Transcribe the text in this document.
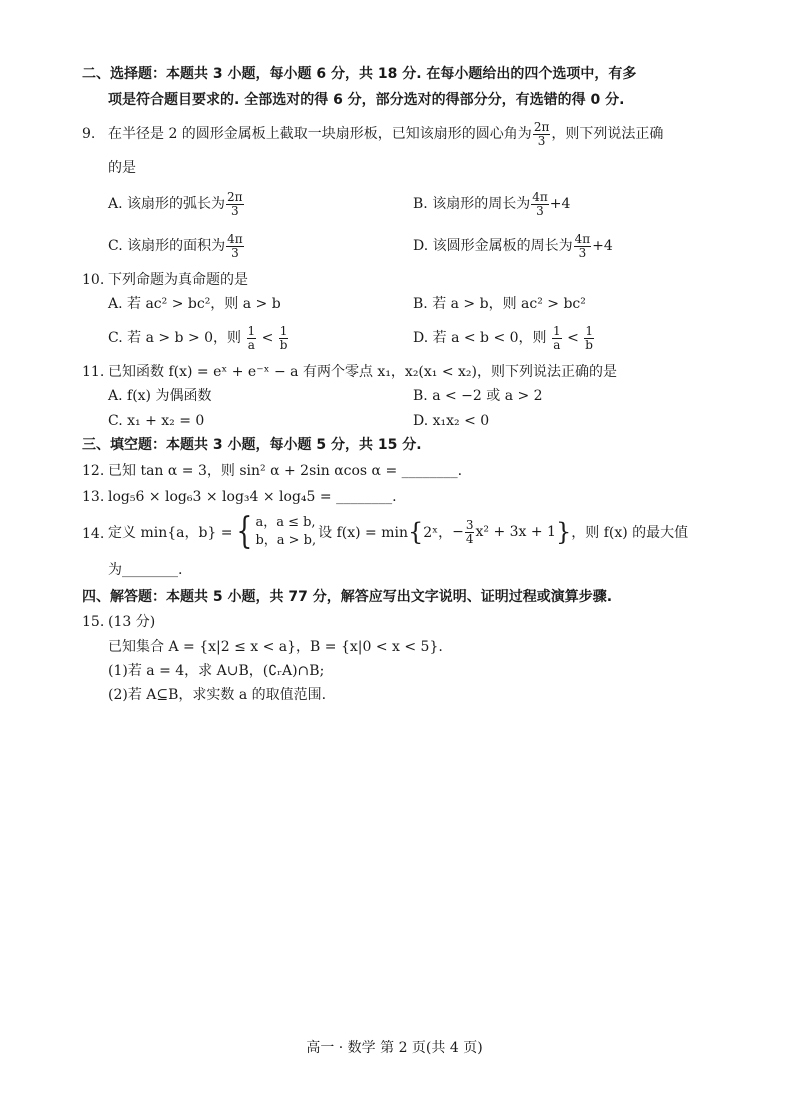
二、选择题：本题共 3 小题，每小题 6 分，共 18 分. 在每小题给出的四个选项中，有多
项是符合题目要求的. 全部选对的得 6 分，部分选对的得部分分，有选错的得 0 分.
9. 在半径是 2 的圆形金属板上截取一块扇形板，已知该扇形的圆心角为 $\frac{2\pi}{3}$ ，则下列说法正确
的是
A. 该扇形的弧长为 $\frac{2\pi}{3}$	B. 该扇形的周长为 $\frac{4\pi}{3} +4$
C. 该扇形的面积为 $\frac{4\pi}{3}$	D. 该圆形金属板的周长为 $\frac{4\pi}{3} +4$
10. 下列命题为真命题的是
A. 若 ac² > bc²，则 a > b	B. 若 a > b，则 ac² > bc²
C. 若 a > b > 0，则 $\frac{1}{a} < \frac{1}{b}$	D. 若 a < b < 0，则 $\frac{1}{a} < \frac{1}{b}$
11. 已知函数 f(x) = eˣ + e⁻ˣ − a 有两个零点 x₁，x₂(x₁ < x₂)，则下列说法正确的是
A. f(x) 为偶函数	B. a < −2 或 a > 2
C. x₁ + x₂ = 0	D. x₁x₂ < 0
三、填空题：本题共 3 小题，每小题 5 分，共 15 分.
12. 已知 tan α = 3，则 sin² α + 2sin αcos α = ________.
13. log₅6 × log₆3 × log₃4 × log₄5 = ________.
14. 定义 min{a，b} = { a，a ≤ b,
b，a > b, 设 f(x) = min { 2ˣ， − $\frac{3}{4} x^2 + 3x + 1$ } ，则 f(x) 的最大值
为________.
四、解答题：本题共 5 小题，共 77 分，解答应写出文字说明、证明过程或演算步骤.
15. (13 分)
已知集合 A = {x|2 ≤ x < a}，B = {x|0 < x < 5}.
(1)若 a = 4，求 A∪B，(∁ᵣA)∩B;
(2)若 A⊆B，求实数 a 的取值范围.
高一 · 数学 第 2 页(共 4 页)
